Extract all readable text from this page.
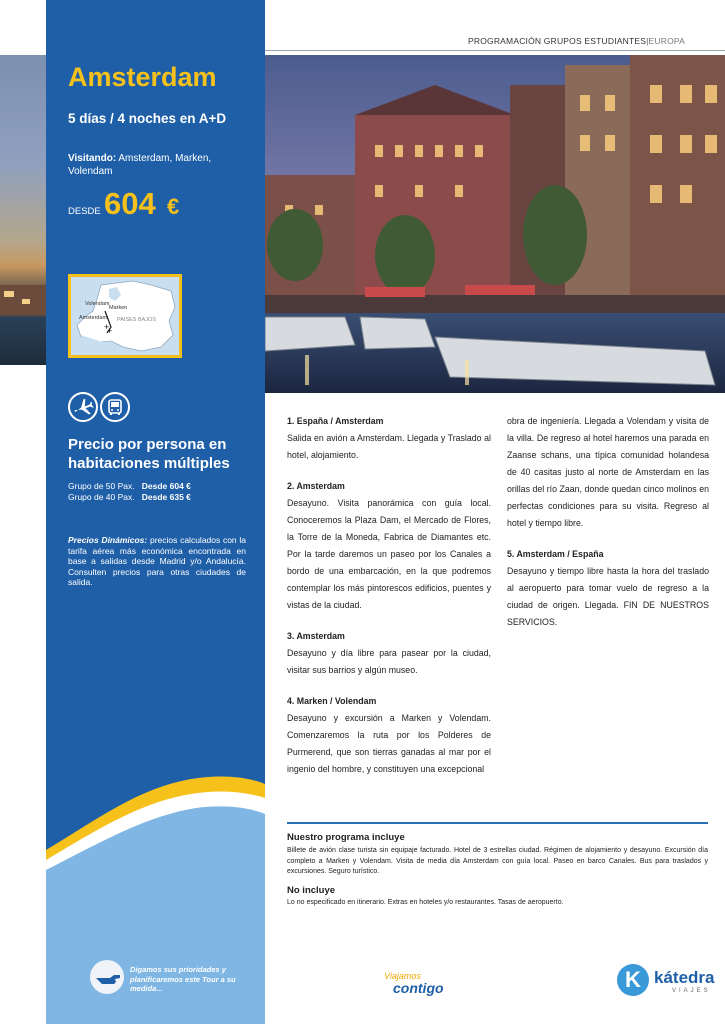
PROGRAMACIÓN GRUPOS ESTUDIANTES|EUROPA
Amsterdam
5 días / 4 noches en A+D
Visitando: Amsterdam, Marken, Volendam
DESDE 604 €
+
+
Volendam
Marken
Amsterdam PAISES BAJOS
Precio por persona en habitaciones múltiples
Grupo de 50 Pax. Desde 604 €
Grupo de 40 Pax. Desde 635 €
Precios Dinámicos: precios calculados con la tarifa aérea más económica encontrada en base a salidas desde Madrid y/o Andalucía. Consulten precios para otras ciudades de salida.
Digamos sus prioridades y planificaremos este Tour a su medida...
1. España / Amsterdam

Salida en avión a Amsterdam. Llegada y Traslado al hotel, alojamiento.

2. Amsterdam

Desayuno. Visita panorámica con guía local. Conoceremos la Plaza Dam, el Mercado de Flores, la Torre de la Moneda, Fabrica de Diamantes etc. Por la tarde daremos un paseo por los Canales a bordo de una embarcación, en la que podremos contemplar los más pintorescos edificios, puentes y vistas de la ciudad.

3. Amsterdam

Desayuno y día libre para pasear por la ciudad, visitar sus barrios y algún museo.

4. Marken / Volendam

Desayuno y excursión a Marken y Volendam. Comenzaremos la ruta por los Polderes de Purmerend, que son tierras ganadas al mar por el ingenio del hombre, y constituyen una excepcional

obra de ingeniería. Llegada a Volendam y visita de la villa. De regreso al hotel haremos una parada en Zaanse schans, una típica comunidad holandesa de 40 casitas justo al norte de Amsterdam en las orillas del río Zaan, donde quedan cinco molinos en perfectas condiciones para su visita. Regreso al hotel y tiempo libre.

5. Amsterdam / España

Desayuno y tiempo libre hasta la hora del traslado al aeropuerto para tomar vuelo de regreso a la ciudad de origen. Llegada. FIN DE NUESTROS SERVICIOS.

Nuestro programa incluye
Billete de avión clase turista sin equipaje facturado. Hotel de 3 estrellas ciudad. Régimen de alojamiento y desayuno. Excursión día completo a Marken y Volendam. Visita de media día Amsterdam con guía local. Paseo en barco Canales. Bus para traslados y excursiones. Seguro turístico.
No incluye
Lo no especificado en itinerario. Extras en hoteles y/o restaurantes. Tasas de aeropuerto.
Viajamos
contigo	K kátedra
VIAJES
